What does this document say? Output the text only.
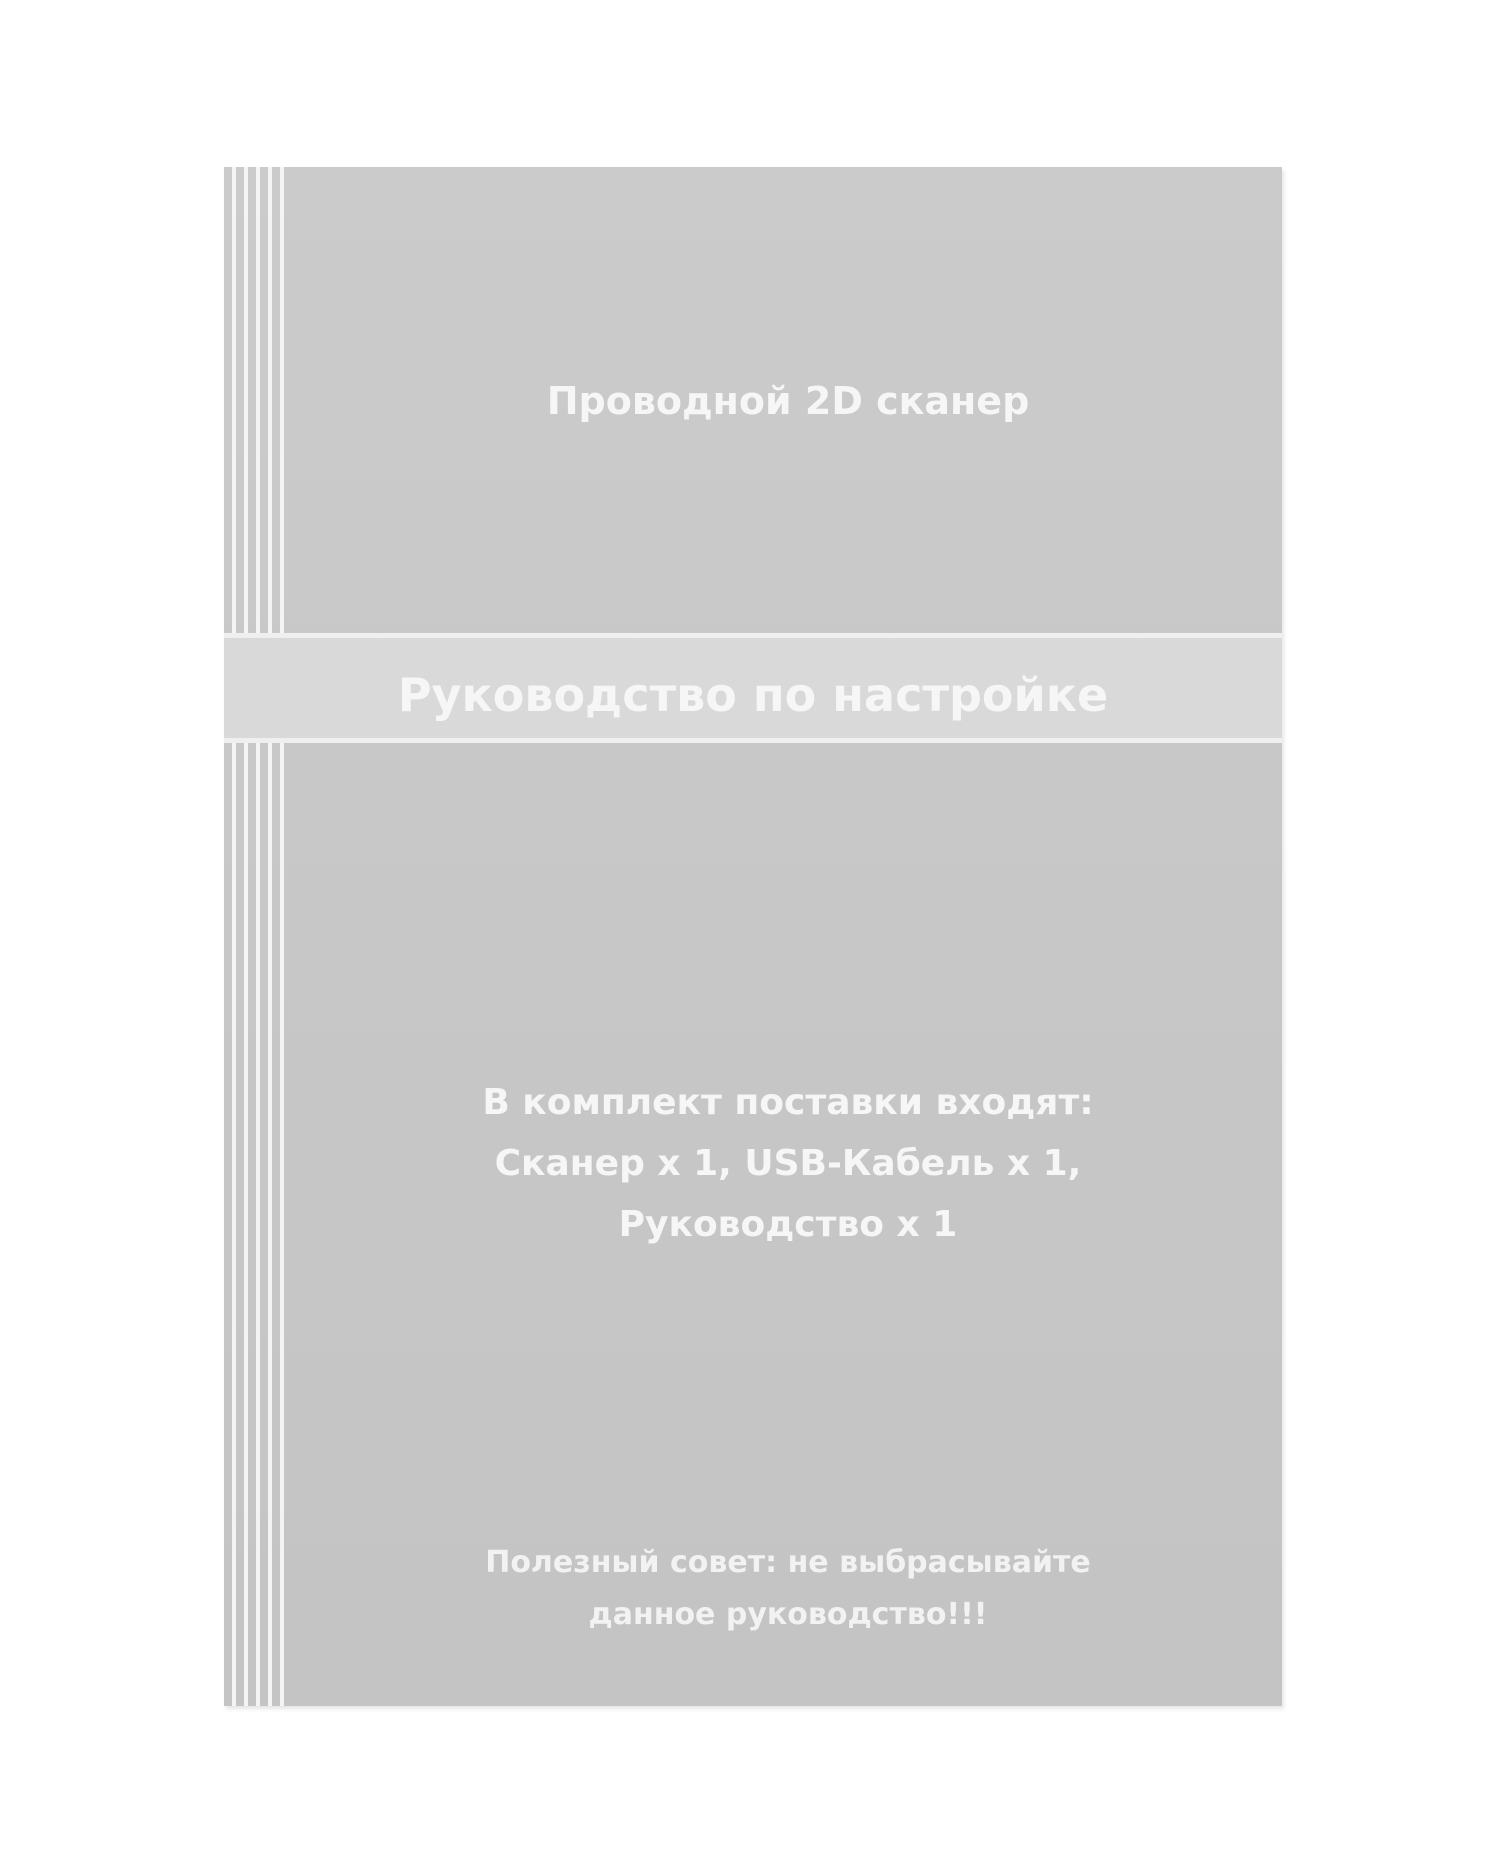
Проводной 2D сканер
Руководство по настройке
В комплект поставки входят:
Сканер х 1, USB-Кабель х 1,
Руководство х 1
Полезный совет: не выбрасывайте
данное руководство!!!
